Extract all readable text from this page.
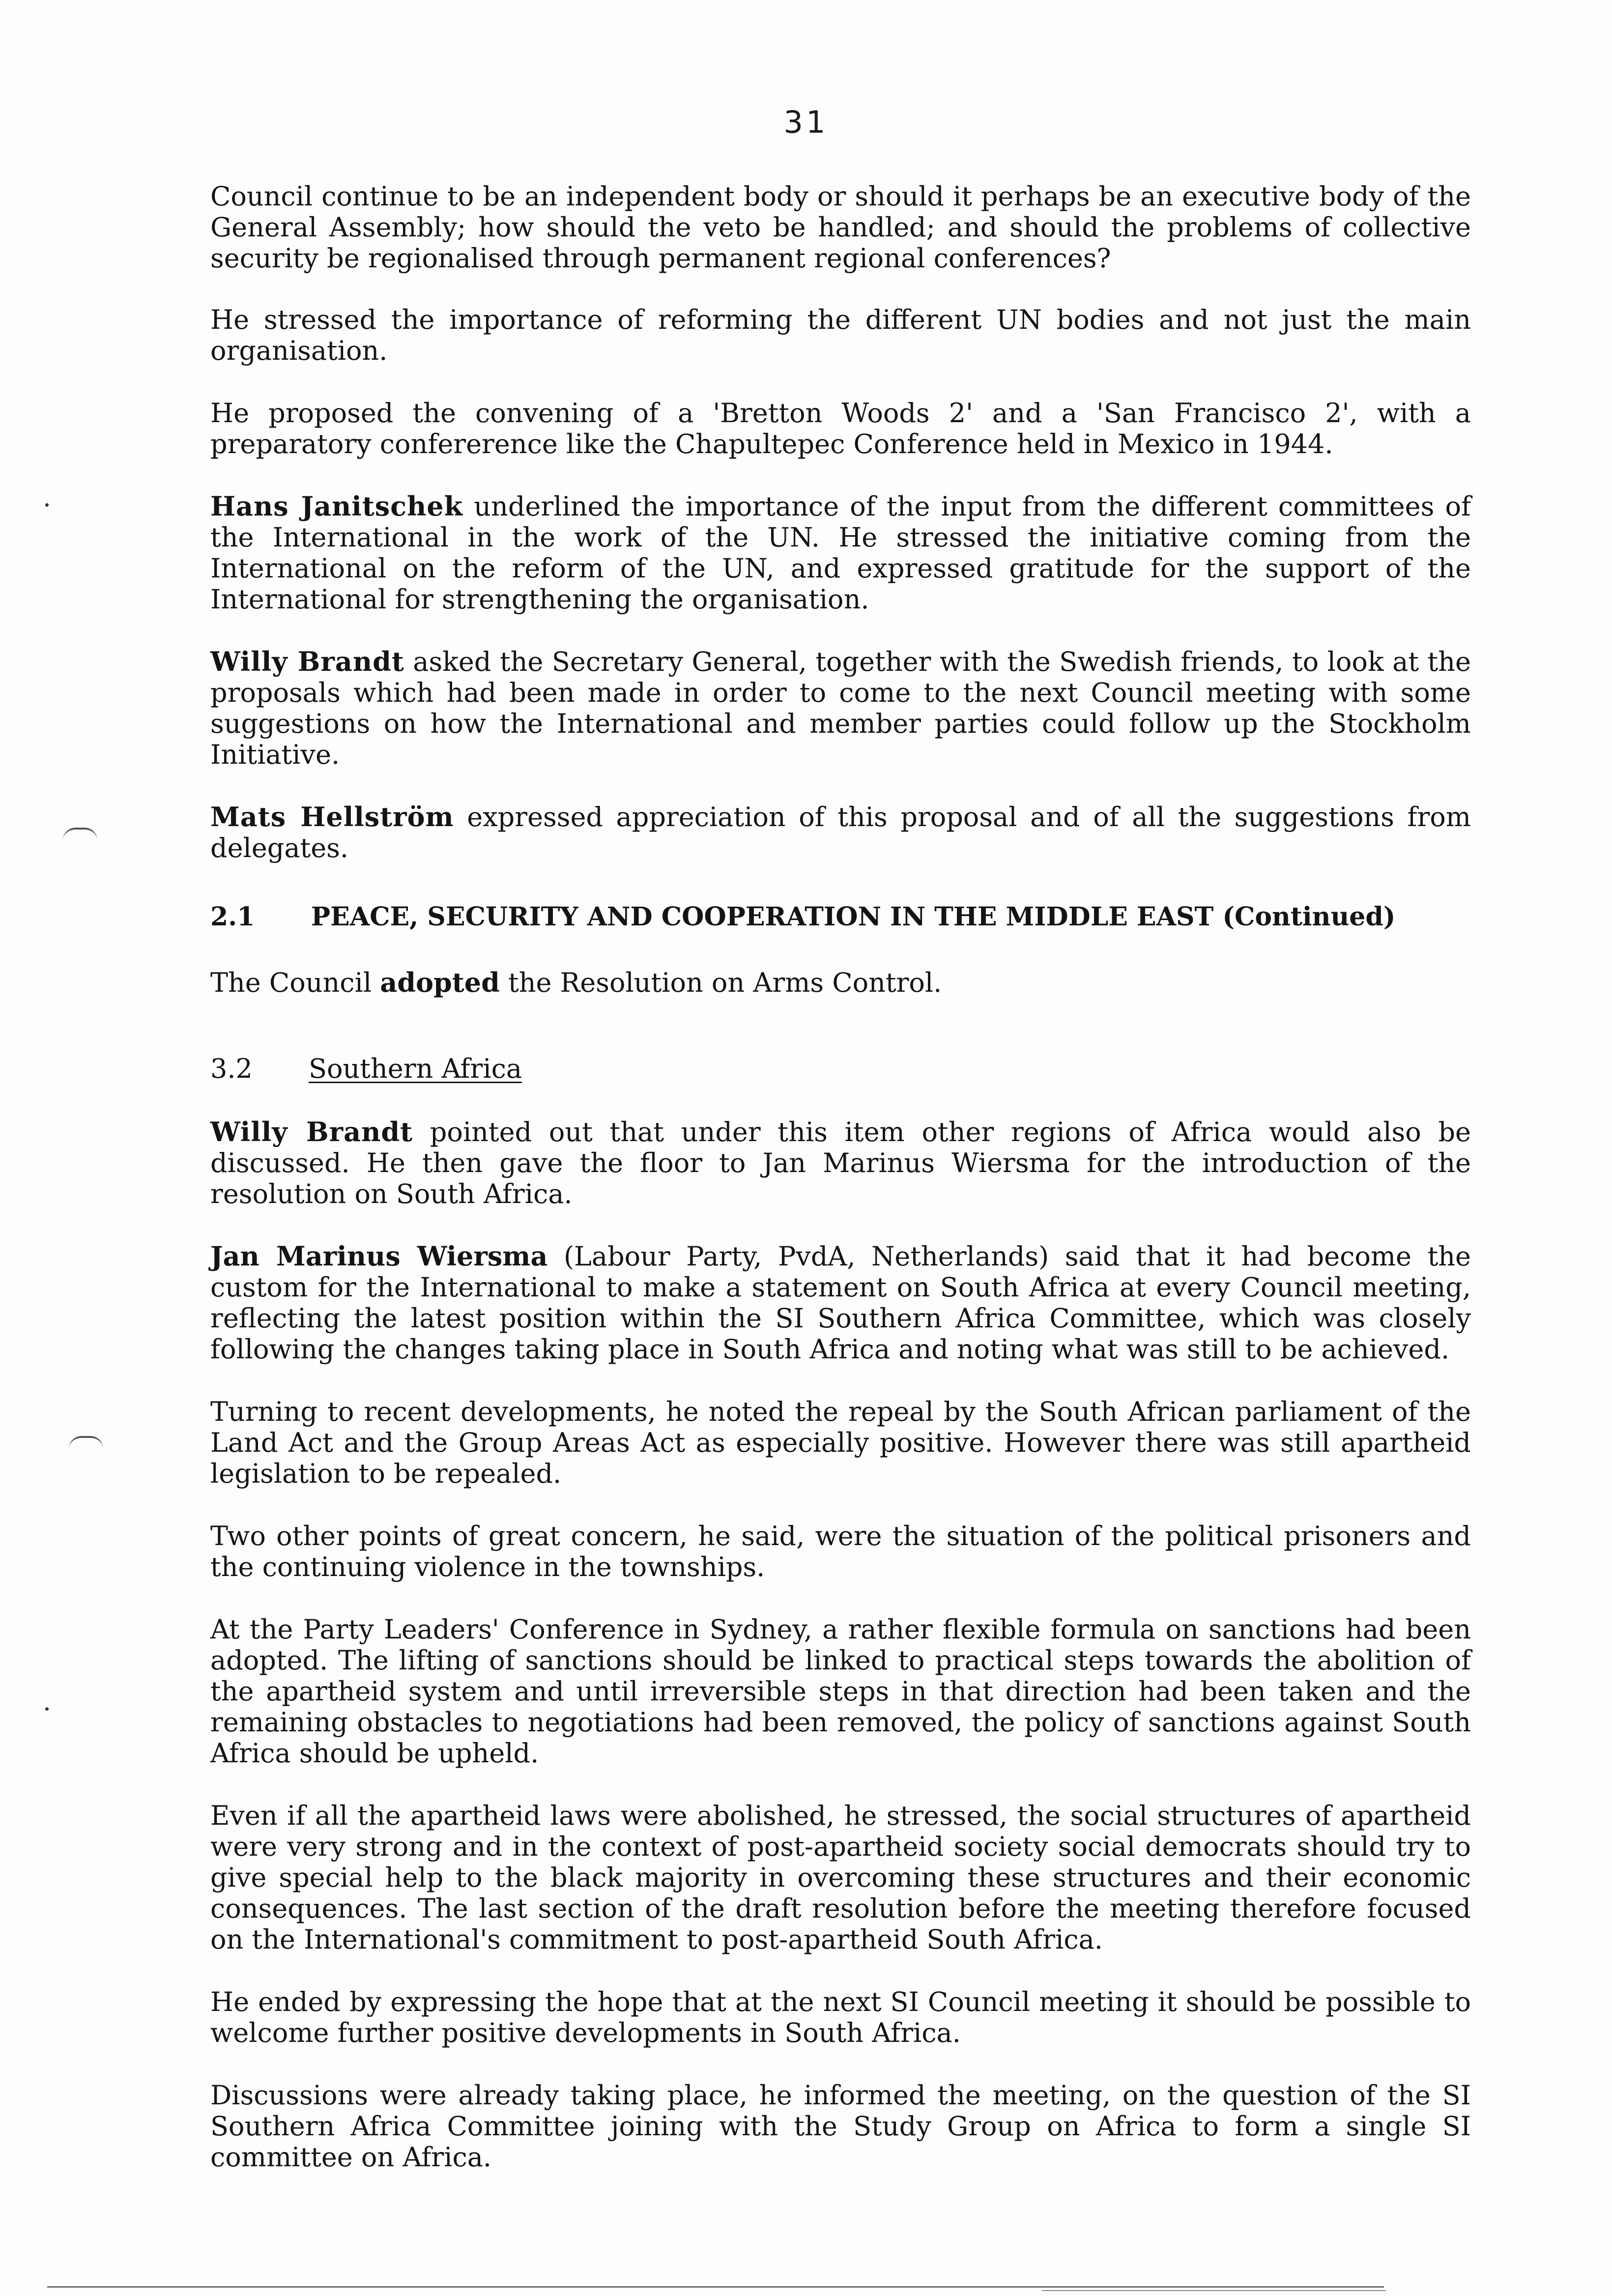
31

Council continue to be an independent body or should it perhaps be an executive body of the General Assembly; how should the veto be handled; and should the problems of collective security be regionalised through permanent regional conferences?

He stressed the importance of reforming the different UN bodies and not just the main organisation.

He proposed the convening of a 'Bretton Woods 2' and a 'San Francisco 2', with a preparatory confererence like the Chapultepec Conference held in Mexico in 1944.

Hans Janitschek underlined the importance of the input from the different committees of the International in the work of the UN. He stressed the initiative coming from the International on the reform of the UN, and expressed gratitude for the support of the International for strengthening the organisation.

Willy Brandt asked the Secretary General, together with the Swedish friends, to look at the proposals which had been made in order to come to the next Council meeting with some suggestions on how the International and member parties could follow up the Stockholm Initiative.

Mats Hellström expressed appreciation of this proposal and of all the suggestions from delegates.

2.1 PEACE, SECURITY AND COOPERATION IN THE MIDDLE EAST (Continued)

The Council adopted the Resolution on Arms Control.

3.2 Southern Africa

Willy Brandt pointed out that under this item other regions of Africa would also be discussed. He then gave the floor to Jan Marinus Wiersma for the introduction of the resolution on South Africa.

Jan Marinus Wiersma (Labour Party, PvdA, Netherlands) said that it had become the custom for the International to make a statement on South Africa at every Council meeting, reflecting the latest position within the SI Southern Africa Committee, which was closely following the changes taking place in South Africa and noting what was still to be achieved.

Turning to recent developments, he noted the repeal by the South African parliament of the Land Act and the Group Areas Act as especially positive. However there was still apartheid legislation to be repealed.

Two other points of great concern, he said, were the situation of the political prisoners and the continuing violence in the townships.

At the Party Leaders' Conference in Sydney, a rather flexible formula on sanctions had been adopted. The lifting of sanctions should be linked to practical steps towards the abolition of the apartheid system and until irreversible steps in that direction had been taken and the remaining obstacles to negotiations had been removed, the policy of sanctions against South Africa should be upheld.

Even if all the apartheid laws were abolished, he stressed, the social structures of apartheid were very strong and in the context of post-apartheid society social democrats should try to give special help to the black majority in overcoming these structures and their economic consequences. The last section of the draft resolution before the meeting therefore focused on the International's commitment to post-apartheid South Africa.

He ended by expressing the hope that at the next SI Council meeting it should be possible to welcome further positive developments in South Africa.

Discussions were already taking place, he informed the meeting, on the question of the SI Southern Africa Committee joining with the Study Group on Africa to form a single SI committee on Africa.
